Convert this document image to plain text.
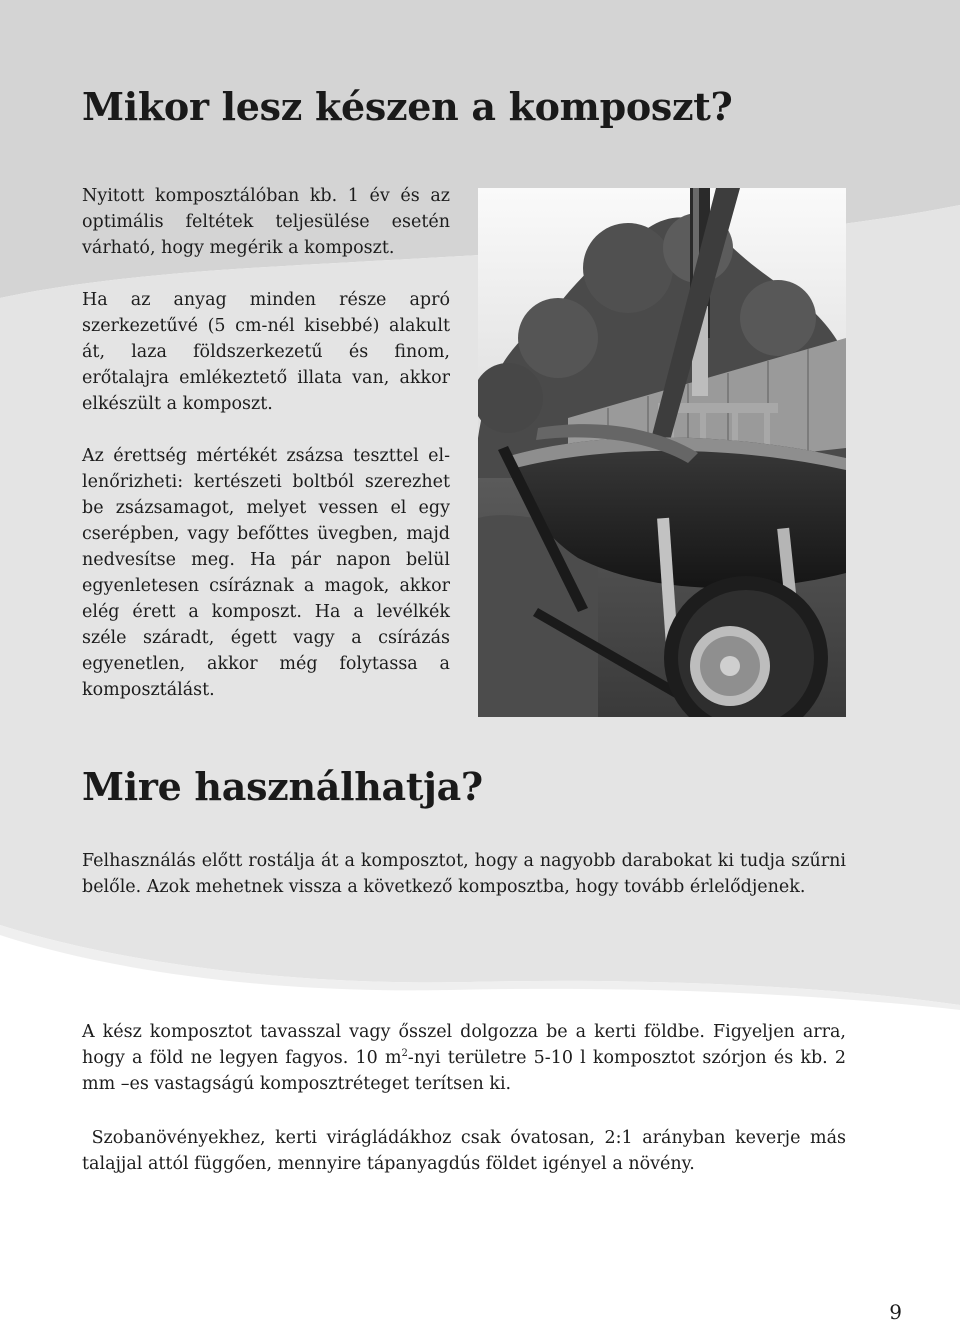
Mikor lesz készen a komposzt?

Nyitott komposztálóban kb. 1 év és az optimális feltétek teljesülése esetén várható, hogy megérik a komposzt.

Ha az anyag minden része apró szerkezetűvé (5 cm-nél kisebbé) alakult át, laza földszerkezetű és finom, erőtalajra emlékeztető illata van, akkor elkészült a komposzt.

Az érettség mértékét zsázsa teszttel ellenőrizheti: kertészeti boltból szerezhet be zsázsamagot, melyet vessen el egy cserépben, vagy befőttes üvegben, majd nedvesítse meg. Ha pár napon belül egyenletesen csíráznak a magok, akkor elég érett a komposzt. Ha a levélkék széle száradt, égett vagy a csírázás egyenetlen, akkor még folytassa a komposztálást.

Mire használhatja?

Felhasználás előtt rostálja át a komposztot, hogy a nagyobb darabokat ki tudja szűrni belőle. Azok mehetnek vissza a következő komposztba, hogy tovább érlelődjenek.

A kész komposztot tavasszal vagy ősszel dolgozza be a kerti földbe. Figyeljen arra, hogy a föld ne legyen fagyos. 10 $m^2$-nyi területre 5-10 l komposztot szórjon és kb. 2 mm –es vastagságú komposztréteget terítsen ki.

Szobanövényekhez, kerti virágládákhoz csak óvatosan, 2:1 arányban keverje más talajjal attól függően, mennyire tápanyagdús földet igényel a növény.

9
